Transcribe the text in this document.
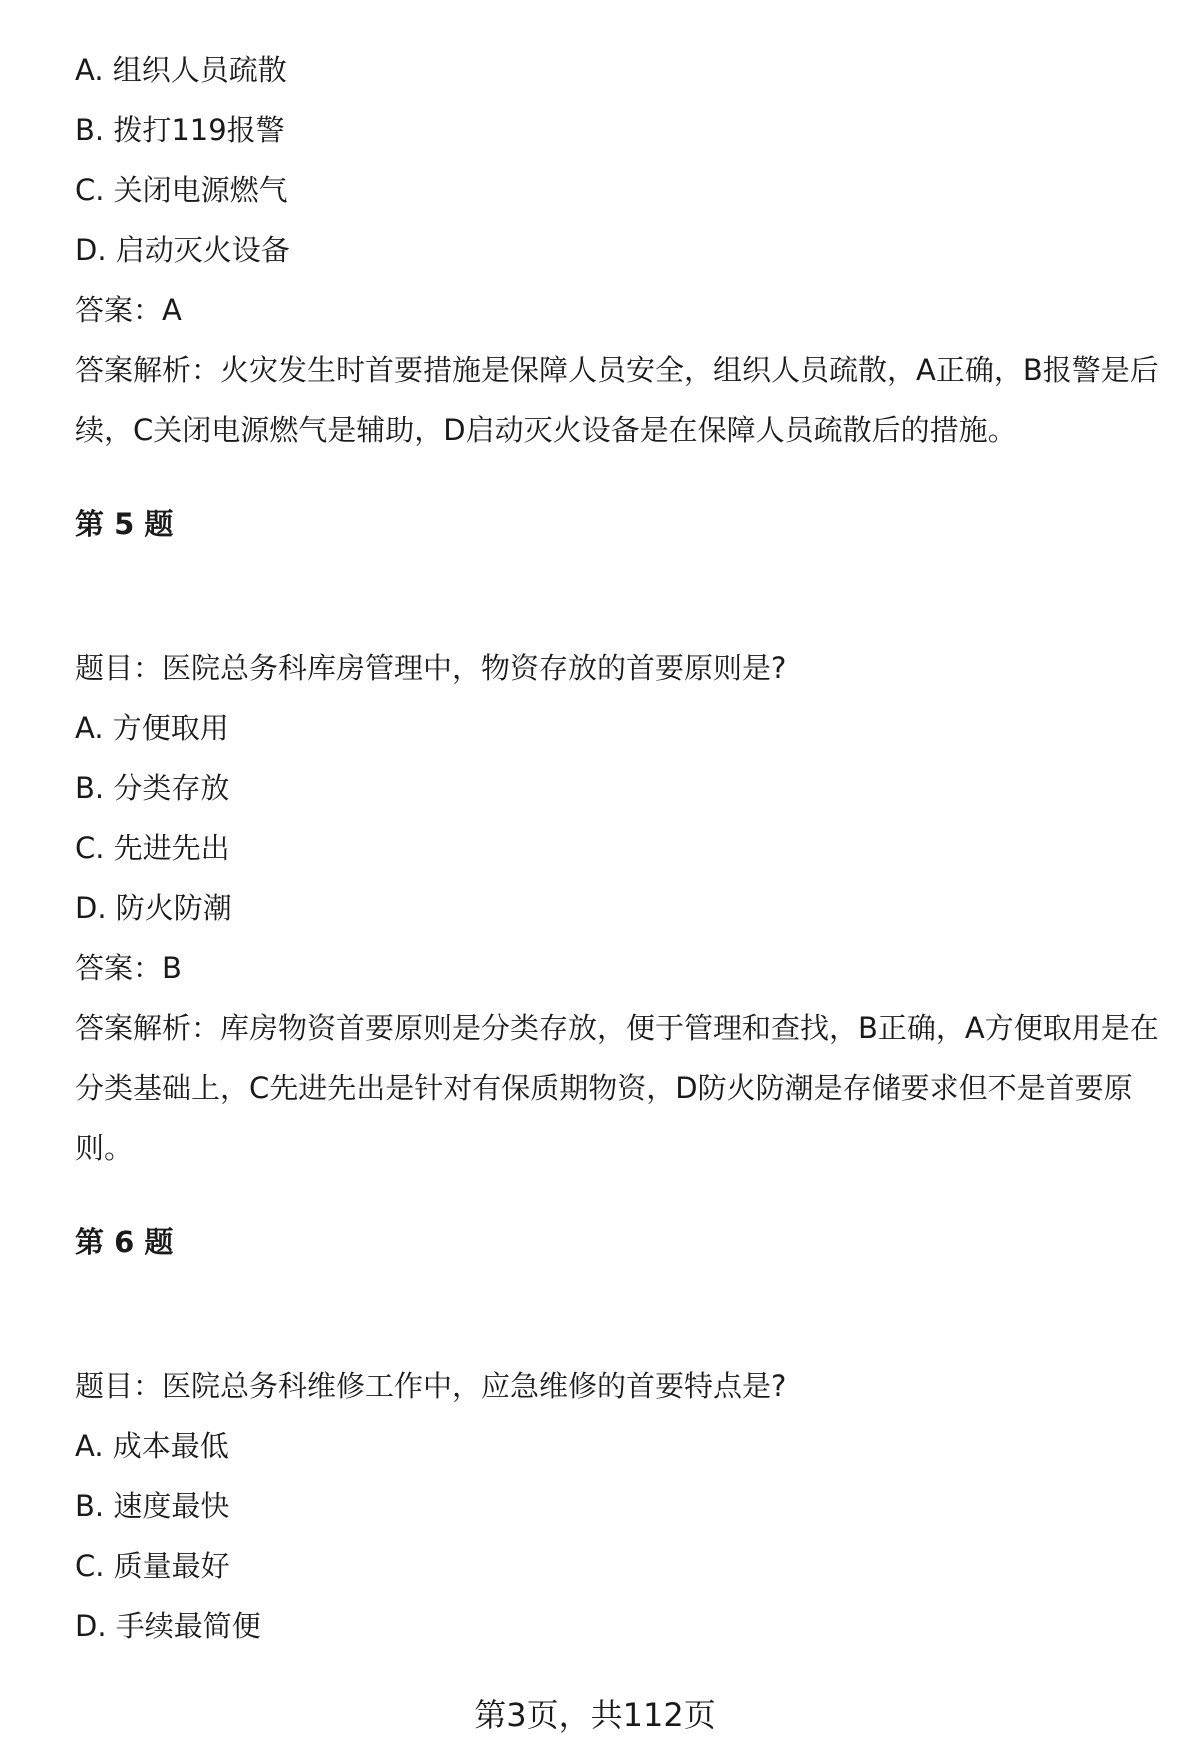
A. 组织人员疏散
B. 拨打119报警
C. 关闭电源燃气
D. 启动灭火设备
答案：A
答案解析：火灾发生时首要措施是保障人员安全，组织人员疏散，A正确，B报警是后续，C关闭电源燃气是辅助，D启动灭火设备是在保障人员疏散后的措施。
第 5 题
题目：医院总务科库房管理中，物资存放的首要原则是?
A. 方便取用
B. 分类存放
C. 先进先出
D. 防火防潮
答案：B
答案解析：库房物资首要原则是分类存放，便于管理和查找，B正确，A方便取用是在分类基础上，C先进先出是针对有保质期物资，D防火防潮是存储要求但不是首要原则。
第 6 题
题目：医院总务科维修工作中，应急维修的首要特点是?
A. 成本最低
B. 速度最快
C. 质量最好
D. 手续最简便
第3页，共112页
